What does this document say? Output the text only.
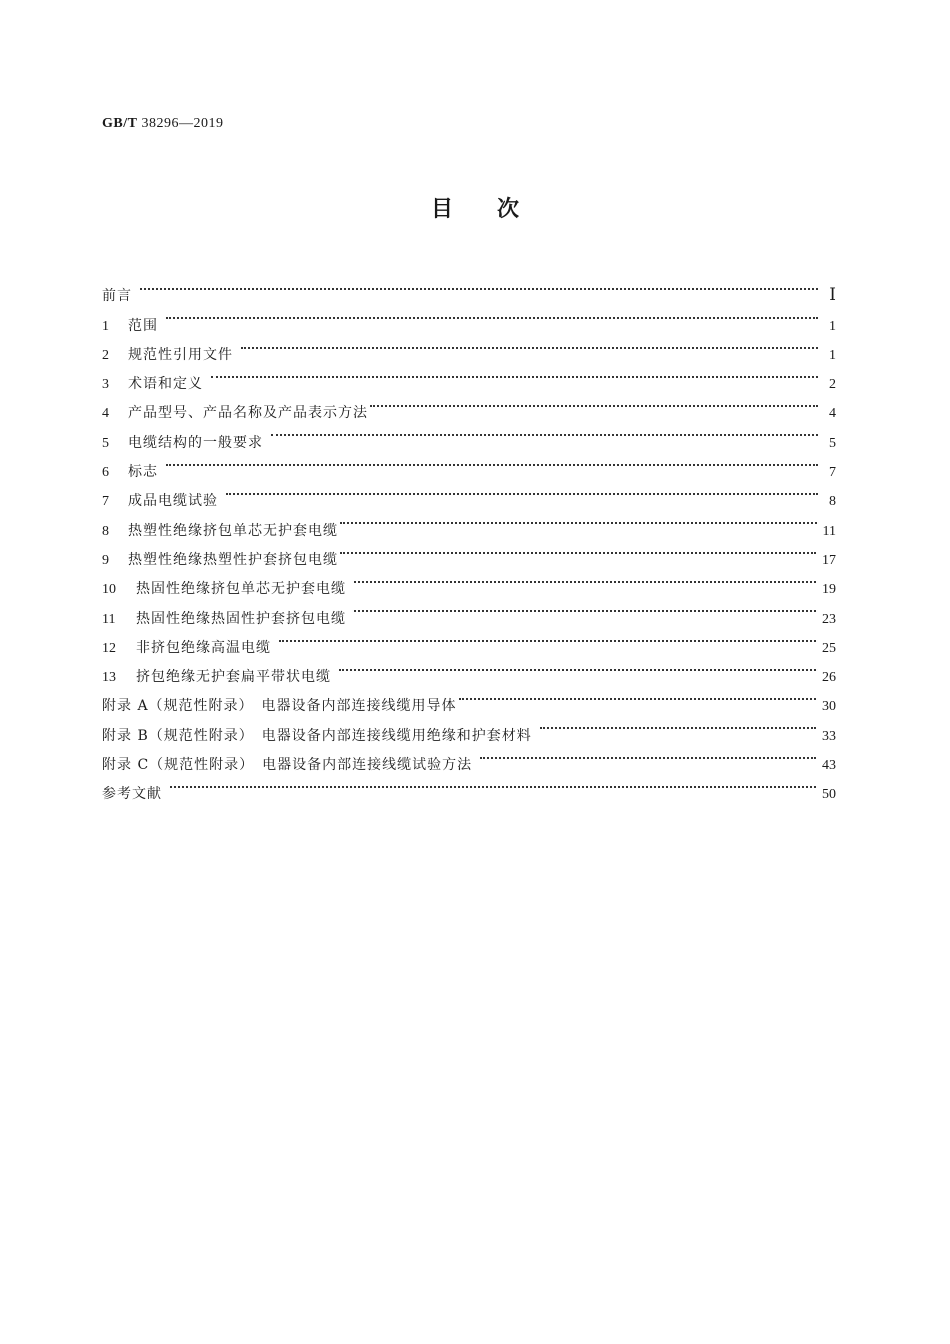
GB/T 38296—2019
目 次
前言	Ⅰ
1	范围	1
2	规范性引用文件	1
3	术语和定义	2
4	产品型号、产品名称及产品表示方法	4
5	电缆结构的一般要求	5
6	标志	7
7	成品电缆试验	8
8	热塑性绝缘挤包单芯无护套电缆	11
9	热塑性绝缘热塑性护套挤包电缆	17
10	热固性绝缘挤包单芯无护套电缆	19
11	热固性绝缘热固性护套挤包电缆	23
12	非挤包绝缘高温电缆	25
13	挤包绝缘无护套扁平带状电缆	26
附录 A（规范性附录）　电器设备内部连接线缆用导体	30
附录 B（规范性附录）　电器设备内部连接线缆用绝缘和护套材料	33
附录 C（规范性附录）　电器设备内部连接线缆试验方法	43
参考文献	50
